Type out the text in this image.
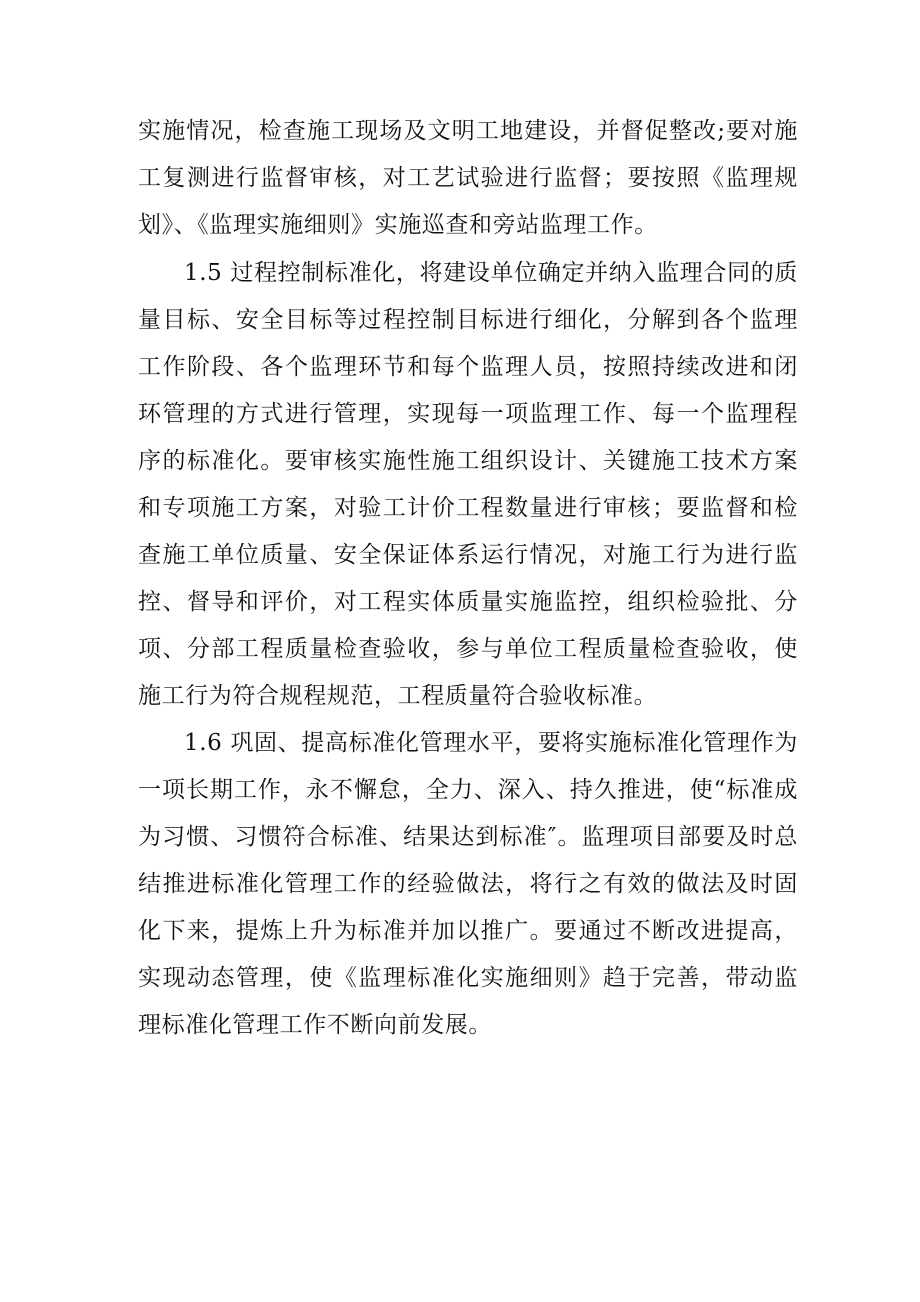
实施情况，检查施工现场及文明工地建设，并督促整改;要对施工复测进行监督审核，对工艺试验进行监督；要按照《监理规划》、《监理实施细则》实施巡查和旁站监理工作。

1.5 过程控制标准化，将建设单位确定并纳入监理合同的质量目标、安全目标等过程控制目标进行细化，分解到各个监理工作阶段、各个监理环节和每个监理人员，按照持续改进和闭环管理的方式进行管理，实现每一项监理工作、每一个监理程序的标准化。要审核实施性施工组织设计、关键施工技术方案和专项施工方案，对验工计价工程数量进行审核；要监督和检查施工单位质量、安全保证体系运行情况，对施工行为进行监控、督导和评价，对工程实体质量实施监控，组织检验批、分项、分部工程质量检查验收，参与单位工程质量检查验收，使施工行为符合规程规范，工程质量符合验收标准。

1.6 巩固、提高标准化管理水平，要将实施标准化管理作为一项长期工作，永不懈怠，全力、深入、持久推进，使“标准成为习惯、习惯符合标准、结果达到标准″。监理项目部要及时总结推进标准化管理工作的经验做法，将行之有效的做法及时固化下来，提炼上升为标准并加以推广。要通过不断改进提高，实现动态管理，使《监理标准化实施细则》趋于完善，带动监理标准化管理工作不断向前发展。
